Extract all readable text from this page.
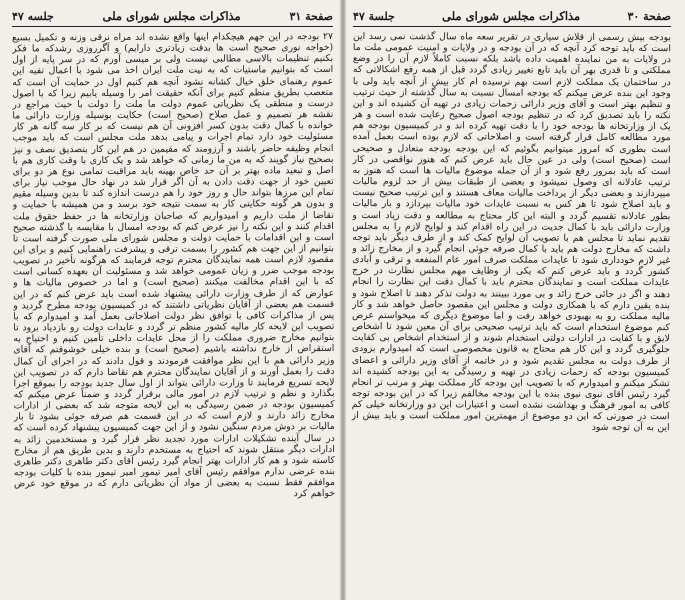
صفحة ٣١
مذاكرات مجلس شورای ملی
جلسه ۴۷

۲۷ بودجه در این جهم هیچکدام اینها واقع نشده اند مراه نرقی وزنه و تکمیل بسیع (خواجه نوری صحیح است ها بدقت زیادتری دارایم) و آگرروزی رشدکه ما فکر بکنیم تنظیمات بالاسی مطالبی نیست ولی بر میسی آورم که در سر پایه از اول است که بتوانیم ماستیات که به نیت ملت ایران اخذ می شود با اعمال تفیه این عموم رهنمای خلق خیال کشانه نشود آنچه هم کنیم اول در حمایت آن است که متعصب بطریق منظم کنیم برای آنکه حقیقت امر را وسیله یابیم زیرا که با اصول درست و منطقی یک نظریاتی عموم دولت ما ملت را دولت با حیث مراجع در نقشه هر تصمیم و عمل صلاح (صحیح است) حکایت بوسیله وزارت دارائی ما خوانده با کمال دقت بدون کسر افزونی آن هم نیست که بر کار سه گانه هر کار مسئولیت خود دارد تمام اجرات و پیامی بدهد ملت مجلس است که باید موجب انجام وظیفه حاضر باشند و آرزومند که مقیمین در هم این کار بتصدیق نصف و نیز بصحیح نیاز گویند که به من ما زمانی که خواهد شد و یک کاری با وقت کاری هم با اصل و تبعید ماده بهتر بر آن حد خاص بهینه باید مراقبت تمامی نوع هر دو برای تعیین خود از جهت دقت دادن به آن اگر قرار شد در نهاد حال موجب نیاز برای تمام این مرزها بتواند حال و روز خود را هم درست اندازه کند تا بدین وسیله مقیم و بدون هر گونه حکایتی کار به سمت نتیجه خود برسد و من همیشه با حمایت و تقاضا از ملت داریم و امیدواریم که صاحبان وزارتخانه ها در حفظ حقوق ملت اقدام کنند و این نکته را نیز عرض کنم که بودجه امسال با مقایسه با گذشته صحیح است و این اقدامات با حمایت دولت و مجلس شورای ملی صورت گرفته است تا بتوانیم از این جهت هم کشور را بسمت ترقی و پیشرفت راهنمایی کنیم و برای این مقصود لازم است همه نمایندگان محترم توجه فرمایند که هرگونه تأخیر در تصویب بودجه موجب ضرر و زیان عمومی خواهد شد و مسئولیت آن بعهده کسانی است که با این اقدام مخالفت میکنند (صحیح است) و اما در خصوص مالیات ها و عوارض که از طرف وزارت دارائی پیشنهاد شده است باید عرض کنم که در این قسمت هم بعضی از آقایان نظریاتی داشتند که در کمیسیون بودجه مطرح گردید و پس از مذاکرات کافی با توافق نظر دولت اصلاحاتی بعمل آمد و امیدوارم که با تصویب این لایحه کار مالیه کشور منظم تر گردد و عایدات دولت رو بازدیاد برود تا بتوانیم مخارج ضروری مملکت را از محل عایدات داخلی تأمین کنیم و احتیاج به استقراض از خارج نداشته باشیم (صحیح است) و بنده خیلی خوشوقتم که آقای وزیر دارائی هم با این نظر موافقت فرمودند و قول دادند که در اجرای آن کمال دقت را بعمل آورند و از آقایان نمایندگان محترم هم تقاضا دارم که در تصویب این لایحه تسریع فرمایند تا وزارت دارائی بتواند از اول سال جدید بودجه را بموقع اجرا بگذارد و نظم و ترتیب لازم در امور مالی برقرار گردد و ضمناً عرض میکنم که کمیسیون بودجه در ضمن رسیدگی به این لایحه متوجه شد که بعضی از ادارات مخارج زائد دارند و لازم است که در این قسمت هم صرفه جوئی بشود تا بار مالیات بر دوش مردم سنگین نشود و از این جهت کمیسیون پیشنهاد کرده است که در سال آینده تشکیلات ادارات مورد تجدید نظر قرار گیرد و مستخدمین زائد به ادارات دیگر منتقل شوند که احتیاج به مستخدم دارند و بدین طریق هم از مخارج کاسته شود و هم کار ادارات بهتر انجام گیرد رئیس آقای دکتر طاهری دکتر طاهری بنده عرضی ندارم موافقم رئیس آقای امیر تیمور امیر تیمور بنده با کلیات بودجه موافقم فقط نسبت به بعضی از مواد آن نظریاتی دارم که در موقع خود عرض خواهم کرد

صفحة ۳۰
مذاکرات مجلس شورای ملی
جلسة ۴۷

بودجه بیش رسمی از قلاش سپاری در تقریر سعه ماه سال گذشت نمی رسد این است که باید توجه کرد آنچه که در آن بودجه و در ولایات و امنیت عمومی ملت ما در ولایات به من نماینده اهمیت داده باشد بلکه نسبت کاملاً لازم آن را در وضع مملکتی و تا قدری بهر آن باید تابع تغییر زیادی گردد قبل از همه رفع اشکالاتی که در ساختمان یک مملکت لازم است بهم نرسیده ام کار بیش از آنچه باید ولی با وجود این بنده عرض میکنم که بودجه امسال نسبت به سال گذشته از حیث ترتیب و تنظیم بهتر است و آقای وزیر دارائی زحمات زیادی در تهیه آن کشیده اند و این نکته را باید تصدیق کرد که در تنظیم بودجه اصول صحیح رعایت شده است و هر یک از وزارتخانه ها بودجه خود را با دقت تهیه کرده اند و در کمیسیون بودجه هم مورد مطالعه کامل قرار گرفته است و اصلاحاتی که لازم بوده است بعمل آمده است بطوری که امروز میتوانیم بگوئیم که این بودجه بودجه متعادل و صحیحی است (صحیح است) ولی در عین حال باید عرض کنم که هنوز نواقصی در کار است که باید بمرور رفع شود و از آن جمله موضوع مالیات ها است که هنوز به ترتیب عادلانه ای وصول نمیشود و بعضی از طبقات بیش از حد لزوم مالیات میپردازند و بعضی دیگر از پرداخت مالیات معاف هستند و این ترتیب صحیح نیست و باید اصلاح شود تا هر کس به نسبت عایدات خود مالیات بپردازد و بار مالیات بطور عادلانه تقسیم گردد و البته این کار محتاج به مطالعه و دقت زیاد است و وزارت دارائی باید با کمال جدیت در این راه اقدام کند و لوایح لازم را به مجلس تقدیم نماید تا مجلس هم با تصویب آن لوایح کمک کند و از طرف دیگر باید توجه داشت که مخارج دولت هم باید با کمال صرفه جوئی انجام گیرد و از مخارج زائد و غیر لازم خودداری شود تا عایدات مملکت صرف امور عام المنفعه و ترقی و آبادی کشور گردد و باید عرض کنم که یکی از وظایف مهم مجلس نظارت در خرج عایدات مملکت است و نمایندگان محترم باید با کمال دقت این نظارت را انجام دهند و اگر در جائی خرج زائد و بی مورد ببینند به دولت تذکر دهند تا اصلاح شود و بنده یقین دارم که با همکاری دولت و مجلس این مقصود حاصل خواهد شد و کار مالیه مملکت رو به بهبودی خواهد رفت و اما موضوع دیگری که میخواستم عرض کنم موضوع استخدام است که باید ترتیب صحیحی برای آن معین شود تا اشخاص لایق و با کفایت در ادارات دولتی استخدام شوند و از استخدام اشخاص بی کفایت جلوگیری گردد و این کار هم محتاج به قانون مخصوصی است که امیدوارم بزودی از طرف دولت به مجلس تقدیم شود و در خاتمه از آقای وزیر دارائی و اعضای کمیسیون بودجه که زحمات زیادی در تهیه و رسیدگی به این بودجه کشیده اند تشکر میکنم و امیدوارم که با تصویب این بودجه کار مملکت بهتر و مرتب تر انجام گیرد رئیس آقای نبوی نبوی بنده با این بودجه مخالفم زیرا که در این بودجه توجه کافی به امور فرهنگ و بهداشت نشده است و اعتبارات این دو وزارتخانه خیلی کم است در صورتی که این دو موضوع از مهمترین امور مملکت است و باید بیش از این به آن توجه شود
